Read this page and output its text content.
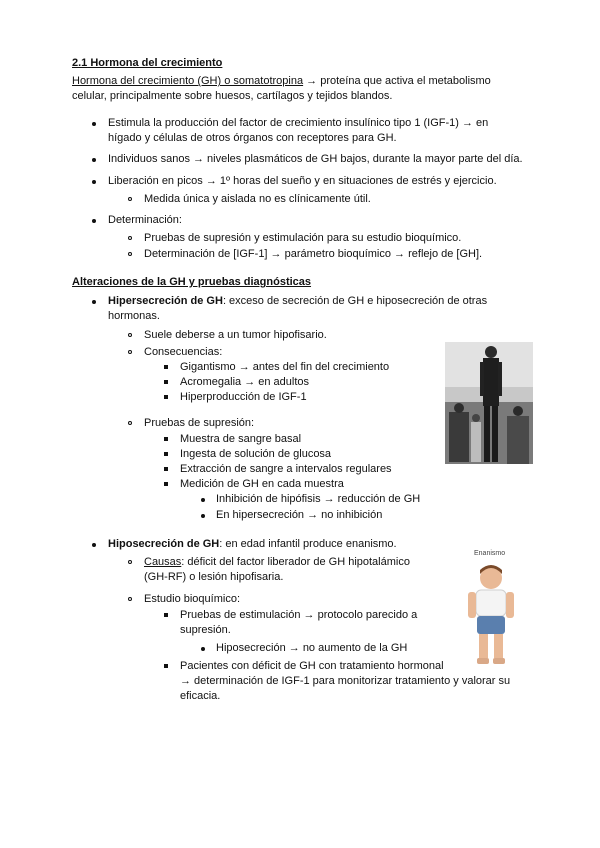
2.1 Hormona del crecimiento
Hormona del crecimiento (GH) o somatotropina → proteína que activa el metabolismo
celular, principalmente sobre huesos, cartílagos y tejidos blandos.
Estimula la producción del factor de crecimiento insulínico tipo 1 (IGF-1) → en
hígado y células de otros órganos con receptores para GH.
Individuos sanos → niveles plasmáticos de GH bajos, durante la mayor parte del día.
Liberación en picos → 1º horas del sueño y en situaciones de estrés y ejercicio.
Medida única y aislada no es clínicamente útil.
Determinación:
Pruebas de supresión y estimulación para su estudio bioquímico.
Determinación de [IGF-1] → parámetro bioquímico → reflejo de [GH].
Alteraciones de la GH y pruebas diagnósticas
Hipersecreción de GH: exceso de secreción de GH e hiposecreción de otras
hormonas.
Suele deberse a un tumor hipofisario.
Consecuencias:
Gigantismo → antes del fin del crecimiento
Acromegalia → en adultos
Hiperproducción de IGF-1
Pruebas de supresión:
Muestra de sangre basal
Ingesta de solución de glucosa
Extracción de sangre a intervalos regulares
Medición de GH en cada muestra
Inhibición de hipófisis → reducción de GH
En hipersecreción → no inhibición
Hiposecreción de GH: en edad infantil produce enanismo.
Causas: déficit del factor liberador de GH hipotalámico
(GH-RF) o lesión hipofisaria.
Estudio bioquímico:
Pruebas de estimulación → protocolo parecido a
supresión.
Hiposecreción → no aumento de la GH
Pacientes con déficit de GH con tratamiento hormonal
→ determinación de IGF-1 para monitorizar tratamiento y valorar su
eficacia.
Enanismo
